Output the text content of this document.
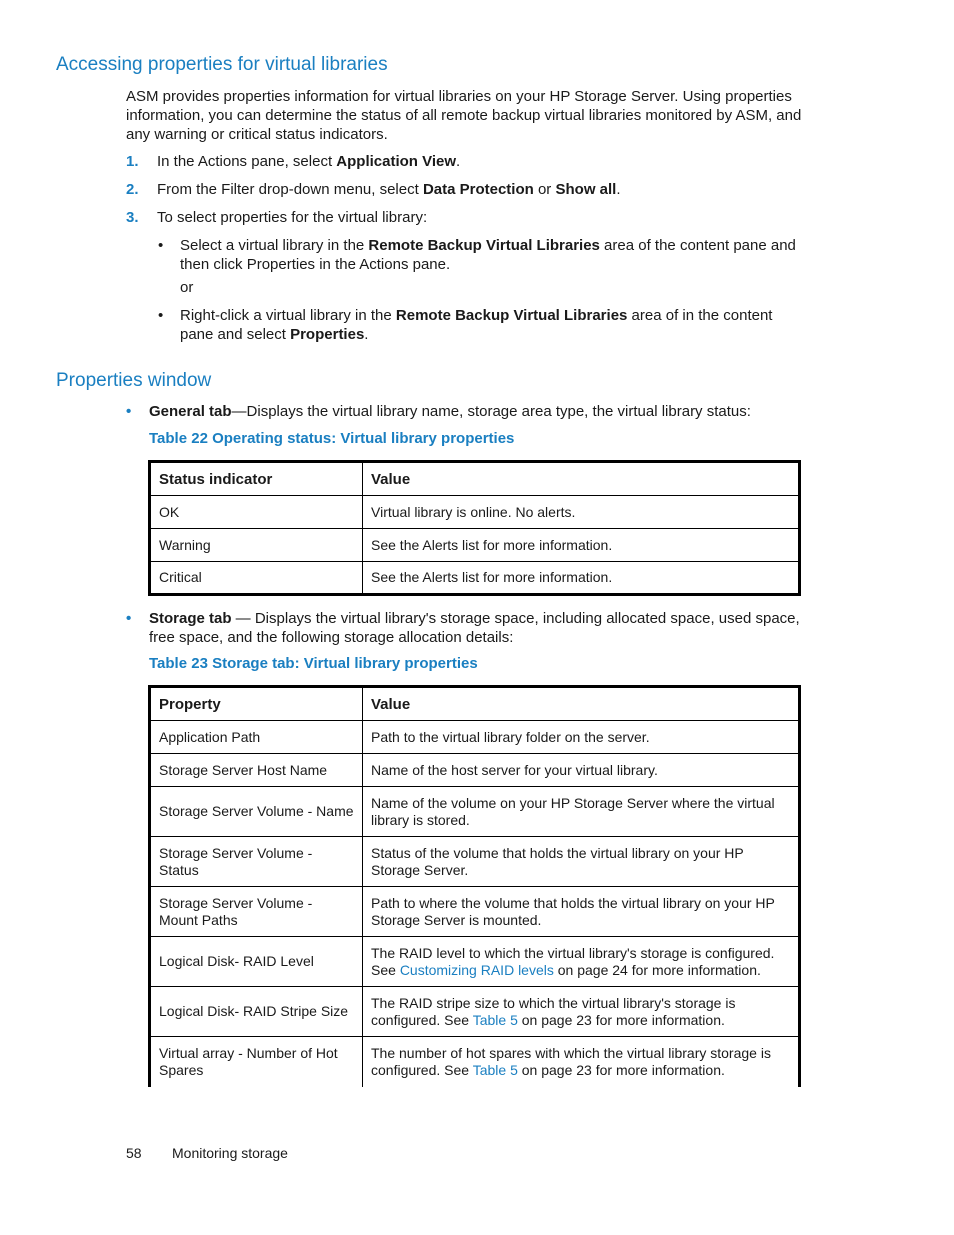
Accessing properties for virtual libraries

ASM provides properties information for virtual libraries on your HP Storage Server. Using properties information, you can determine the status of all remote backup virtual libraries monitored by ASM, and any warning or critical status indicators.

1. In the Actions pane, select Application View.
2. From the Filter drop-down menu, select Data Protection or Show all.
3. To select properties for the virtual library:
• Select a virtual library in the Remote Backup Virtual Libraries area of the content pane and then click Properties in the Actions pane.
or
• Right-click a virtual library in the Remote Backup Virtual Libraries area of in the content pane and select Properties.
Properties window
• General tab—Displays the virtual library name, storage area type, the virtual library status:
Table 22 Operating status: Virtual library properties
Status indicator	Value
OK	Virtual library is online. No alerts.
Warning	See the Alerts list for more information.
Critical	See the Alerts list for more information.
• Storage tab — Displays the virtual library's storage space, including allocated space, used space, free space, and the following storage allocation details:
Table 23 Storage tab: Virtual library properties
Property	Value
Application Path	Path to the virtual library folder on the server.
Storage Server Host Name	Name of the host server for your virtual library.
Storage Server Volume - Name	Name of the volume on your HP Storage Server where the virtual library is stored.
Storage Server Volume - Status	Status of the volume that holds the virtual library on your HP Storage Server.
Storage Server Volume - Mount Paths	Path to where the volume that holds the virtual library on your HP Storage Server is mounted.
Logical Disk- RAID Level	The RAID level to which the virtual library's storage is configured. See Customizing RAID levels on page 24 for more information.
Logical Disk- RAID Stripe Size	The RAID stripe size to which the virtual library's storage is configured. See Table 5 on page 23 for more information.
Virtual array - Number of Hot Spares	The number of hot spares with which the virtual library storage is configured. See Table 5 on page 23 for more information.
58 Monitoring storage
